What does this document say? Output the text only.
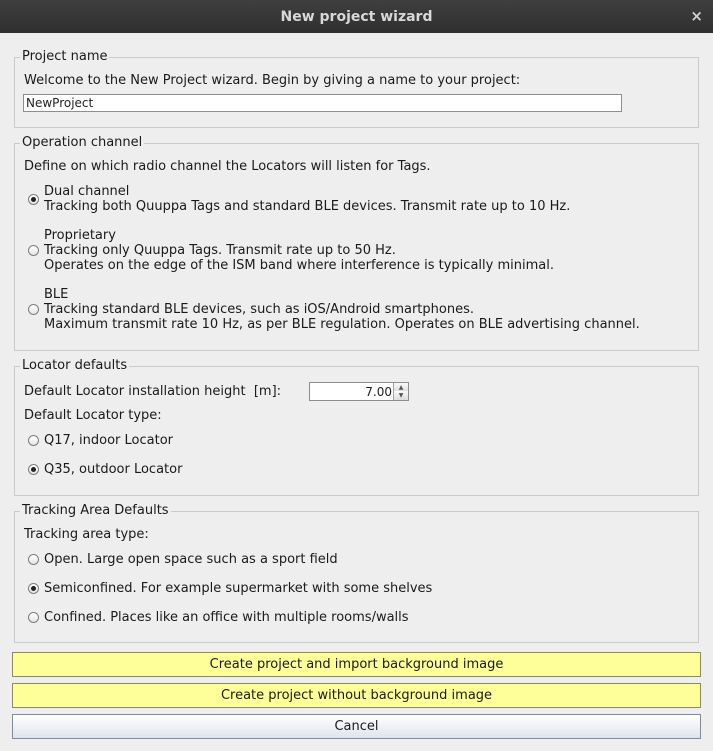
New project wizard	×
Project name
Welcome to the New Project wizard. Begin by giving a name to your project:
NewProject
Operation channel
Define on which radio channel the Locators will listen for Tags.
Dual channel
Tracking both Quuppa Tags and standard BLE devices. Transmit rate up to 10 Hz.
Proprietary
Tracking only Quuppa Tags. Transmit rate up to 50 Hz.
Operates on the edge of the ISM band where interference is typically minimal.
BLE
Tracking standard BLE devices, such as iOS/Android smartphones.
Maximum transmit rate 10 Hz, as per BLE regulation. Operates on BLE advertising channel.
Locator defaults
Default Locator installation height  [m]:	7.00	▲
▼
Default Locator type:
Q17, indoor Locator
Q35, outdoor Locator
Tracking Area Defaults
Tracking area type:
Open. Large open space such as a sport field
Semiconfined. For example supermarket with some shelves
Confined. Places like an office with multiple rooms/walls
Create project and import background image
Create project without background image
Cancel
